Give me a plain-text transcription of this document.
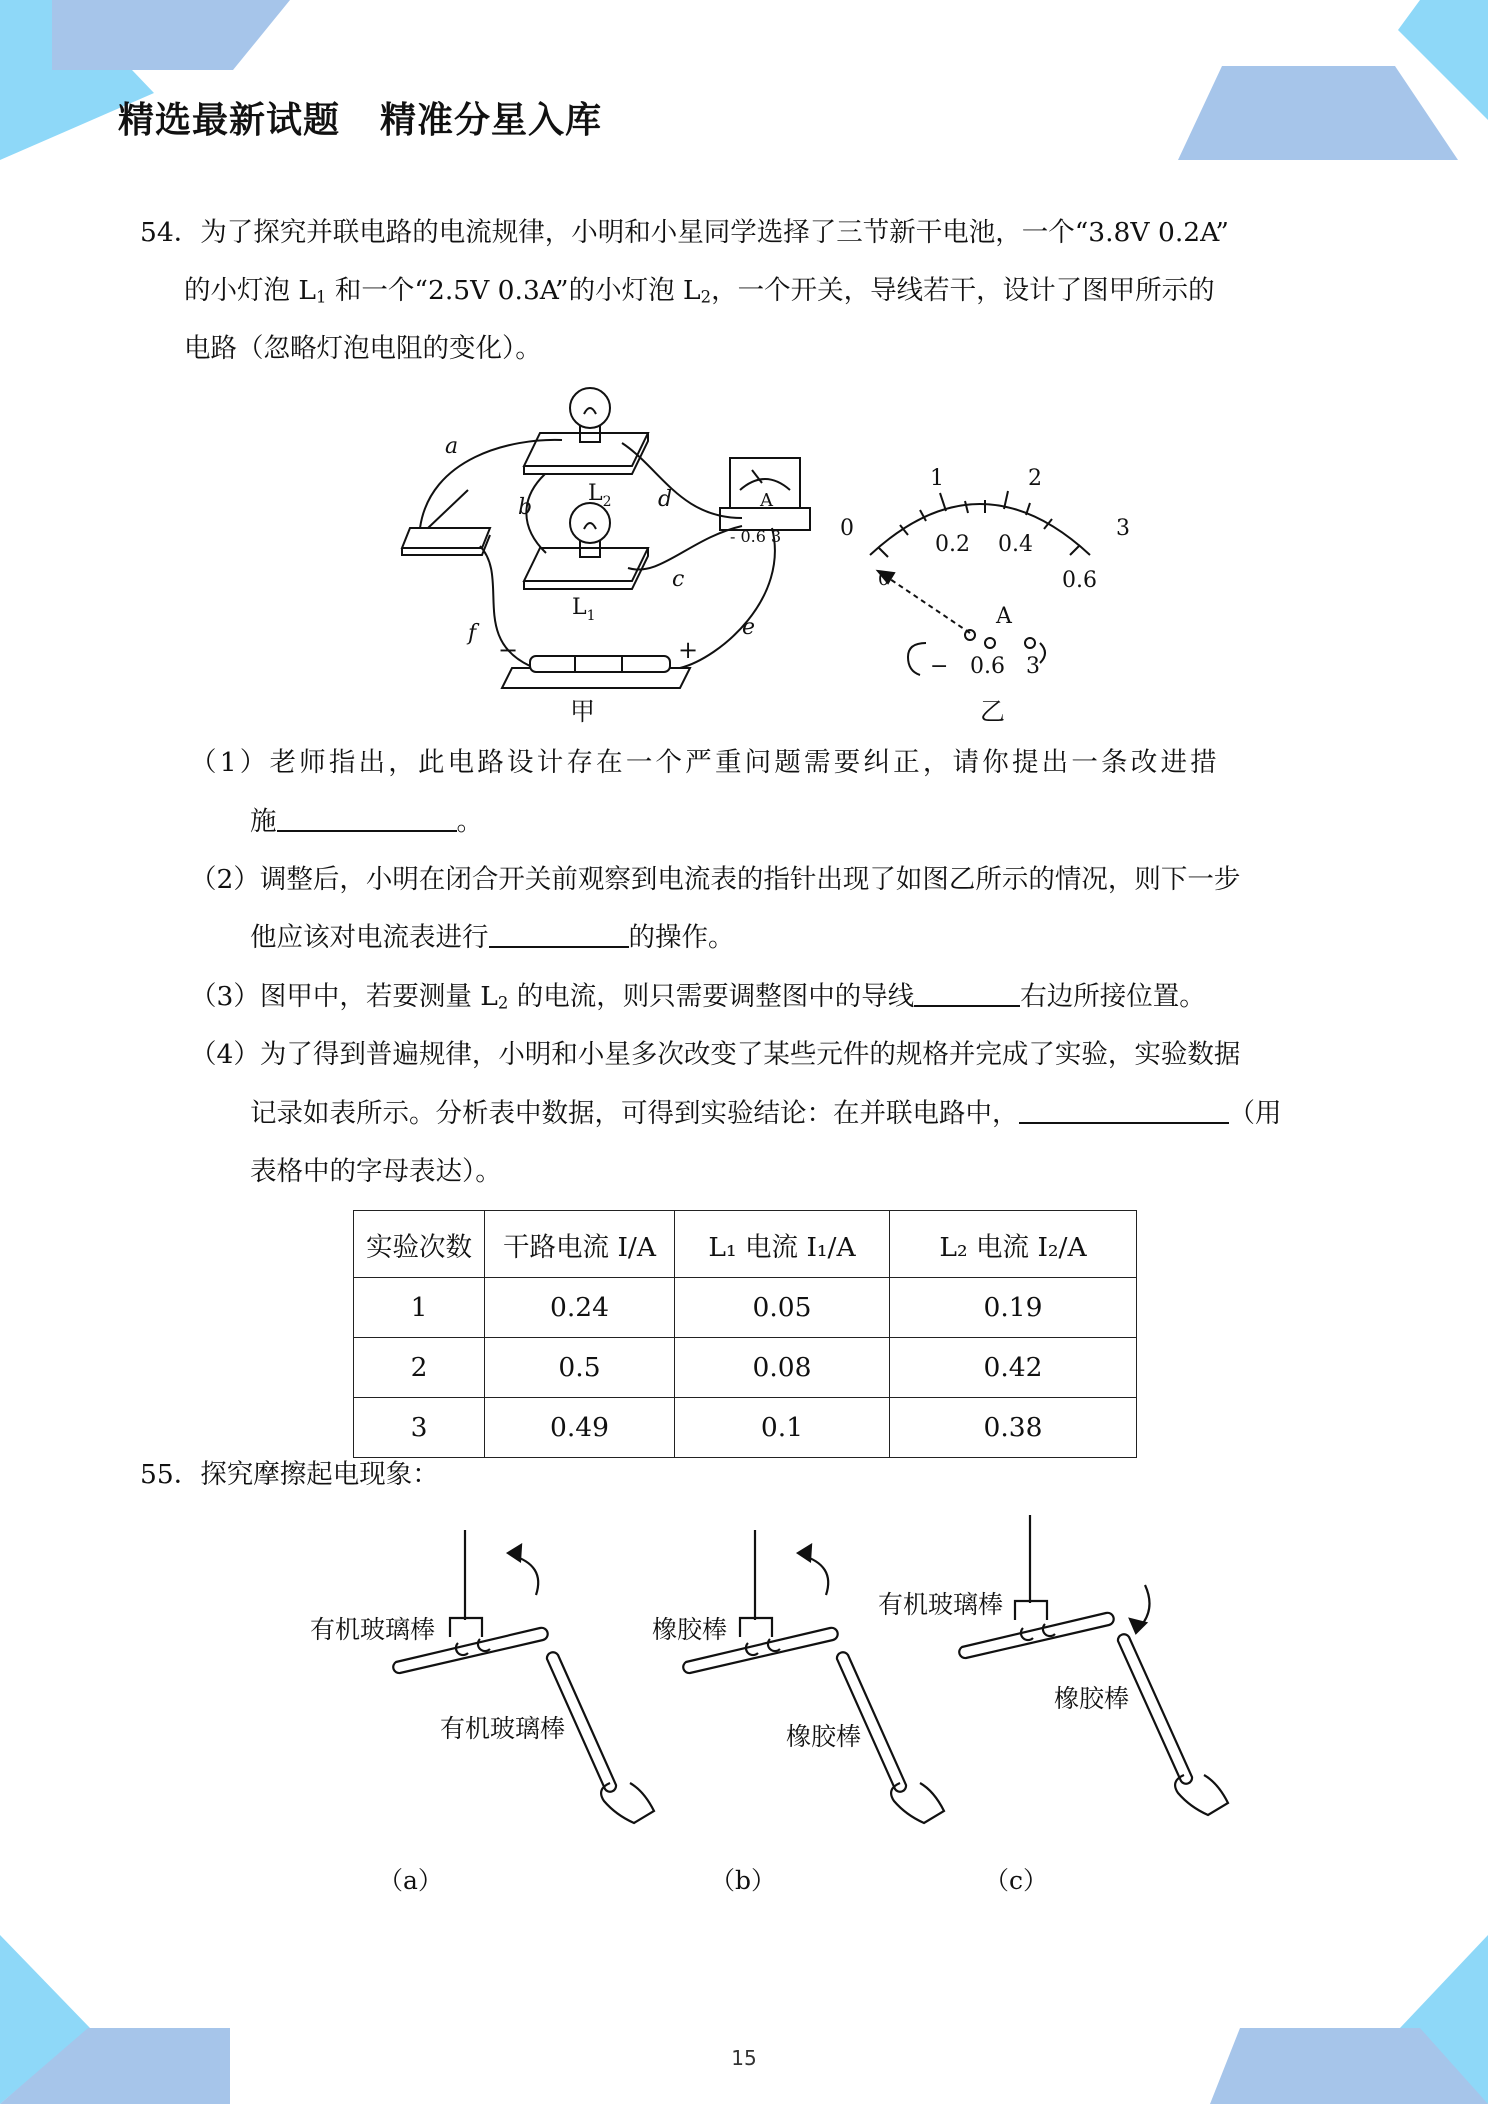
精选最新试题 精准分星入库
54．为了探究并联电路的电流规律，小明和小星同学选择了三节新干电池，一个“3.8V 0.2A”
的小灯泡 $L_1$ 和一个“2.5V 0.3A”的小灯泡 $L_2$，一个开关，导线若干，设计了图甲所示的
电路（忽略灯泡电阻的变化）。
a
b	d
c
e
f
$L_2$
$L_1$
A
- 0.6 3
−	+
甲
0
1	2
3
0.2 0.4
0.6
0
A
− 0.6 3
乙
（1）老师指出，此电路设计存在一个严重问题需要纠正，请你提出一条改进措
施	。
（2）调整后，小明在闭合开关前观察到电流表的指针出现了如图乙所示的情况，则下一步
他应该对电流表进行	的操作。
（3）图甲中，若要测量 $L_2$ 的电流，则只需要调整图中的导线	右边所接位置。
（4）为了得到普遍规律，小明和小星多次改变了某些元件的规格并完成了实验，实验数据
记录如表所示。分析表中数据，可得到实验结论：在并联电路中，	（用
表格中的字母表达）。
实验次数	干路电流 I/A	L₁ 电流 I₁/A	L₂ 电流 I₂/A
1	0.24	0.05	0.19
2	0.5	0.08	0.42
3	0.49	0.1	0.38
55．探究摩擦起电现象：
有机玻璃棒
有机玻璃棒
（a）
橡胶棒
橡胶棒
（b）
有机玻璃棒
橡胶棒
（c）
15
